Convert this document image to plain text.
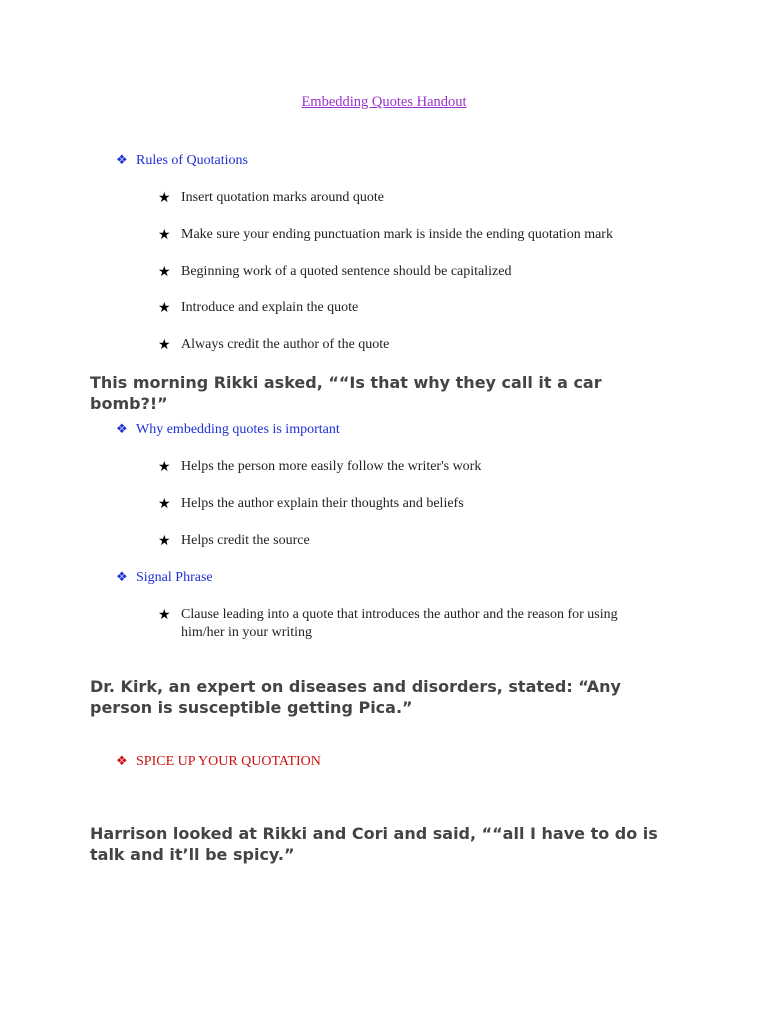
Embedding Quotes Handout
❖ Rules of Quotations
★ Insert quotation marks around quote
★ Make sure your ending punctuation mark is inside the ending quotation mark
★ Beginning work of a quoted sentence should be capitalized
★ Introduce and explain the quote
★ Always credit the author of the quote
This morning Rikki asked, ““Is that why they call it a car bomb?!”
❖ Why embedding quotes is important
★ Helps the person more easily follow the writer's work
★ Helps the author explain their thoughts and beliefs
★ Helps credit the source
❖ Signal Phrase
★ Clause leading into a quote that introduces the author and the reason for using him/her in your writing
Dr. Kirk, an expert on diseases and disorders, stated: “Any person is susceptible getting Pica.”
❖ SPICE UP YOUR QUOTATION
Harrison looked at Rikki and Cori and said, ““all I have to do is talk and it’ll be spicy.”
